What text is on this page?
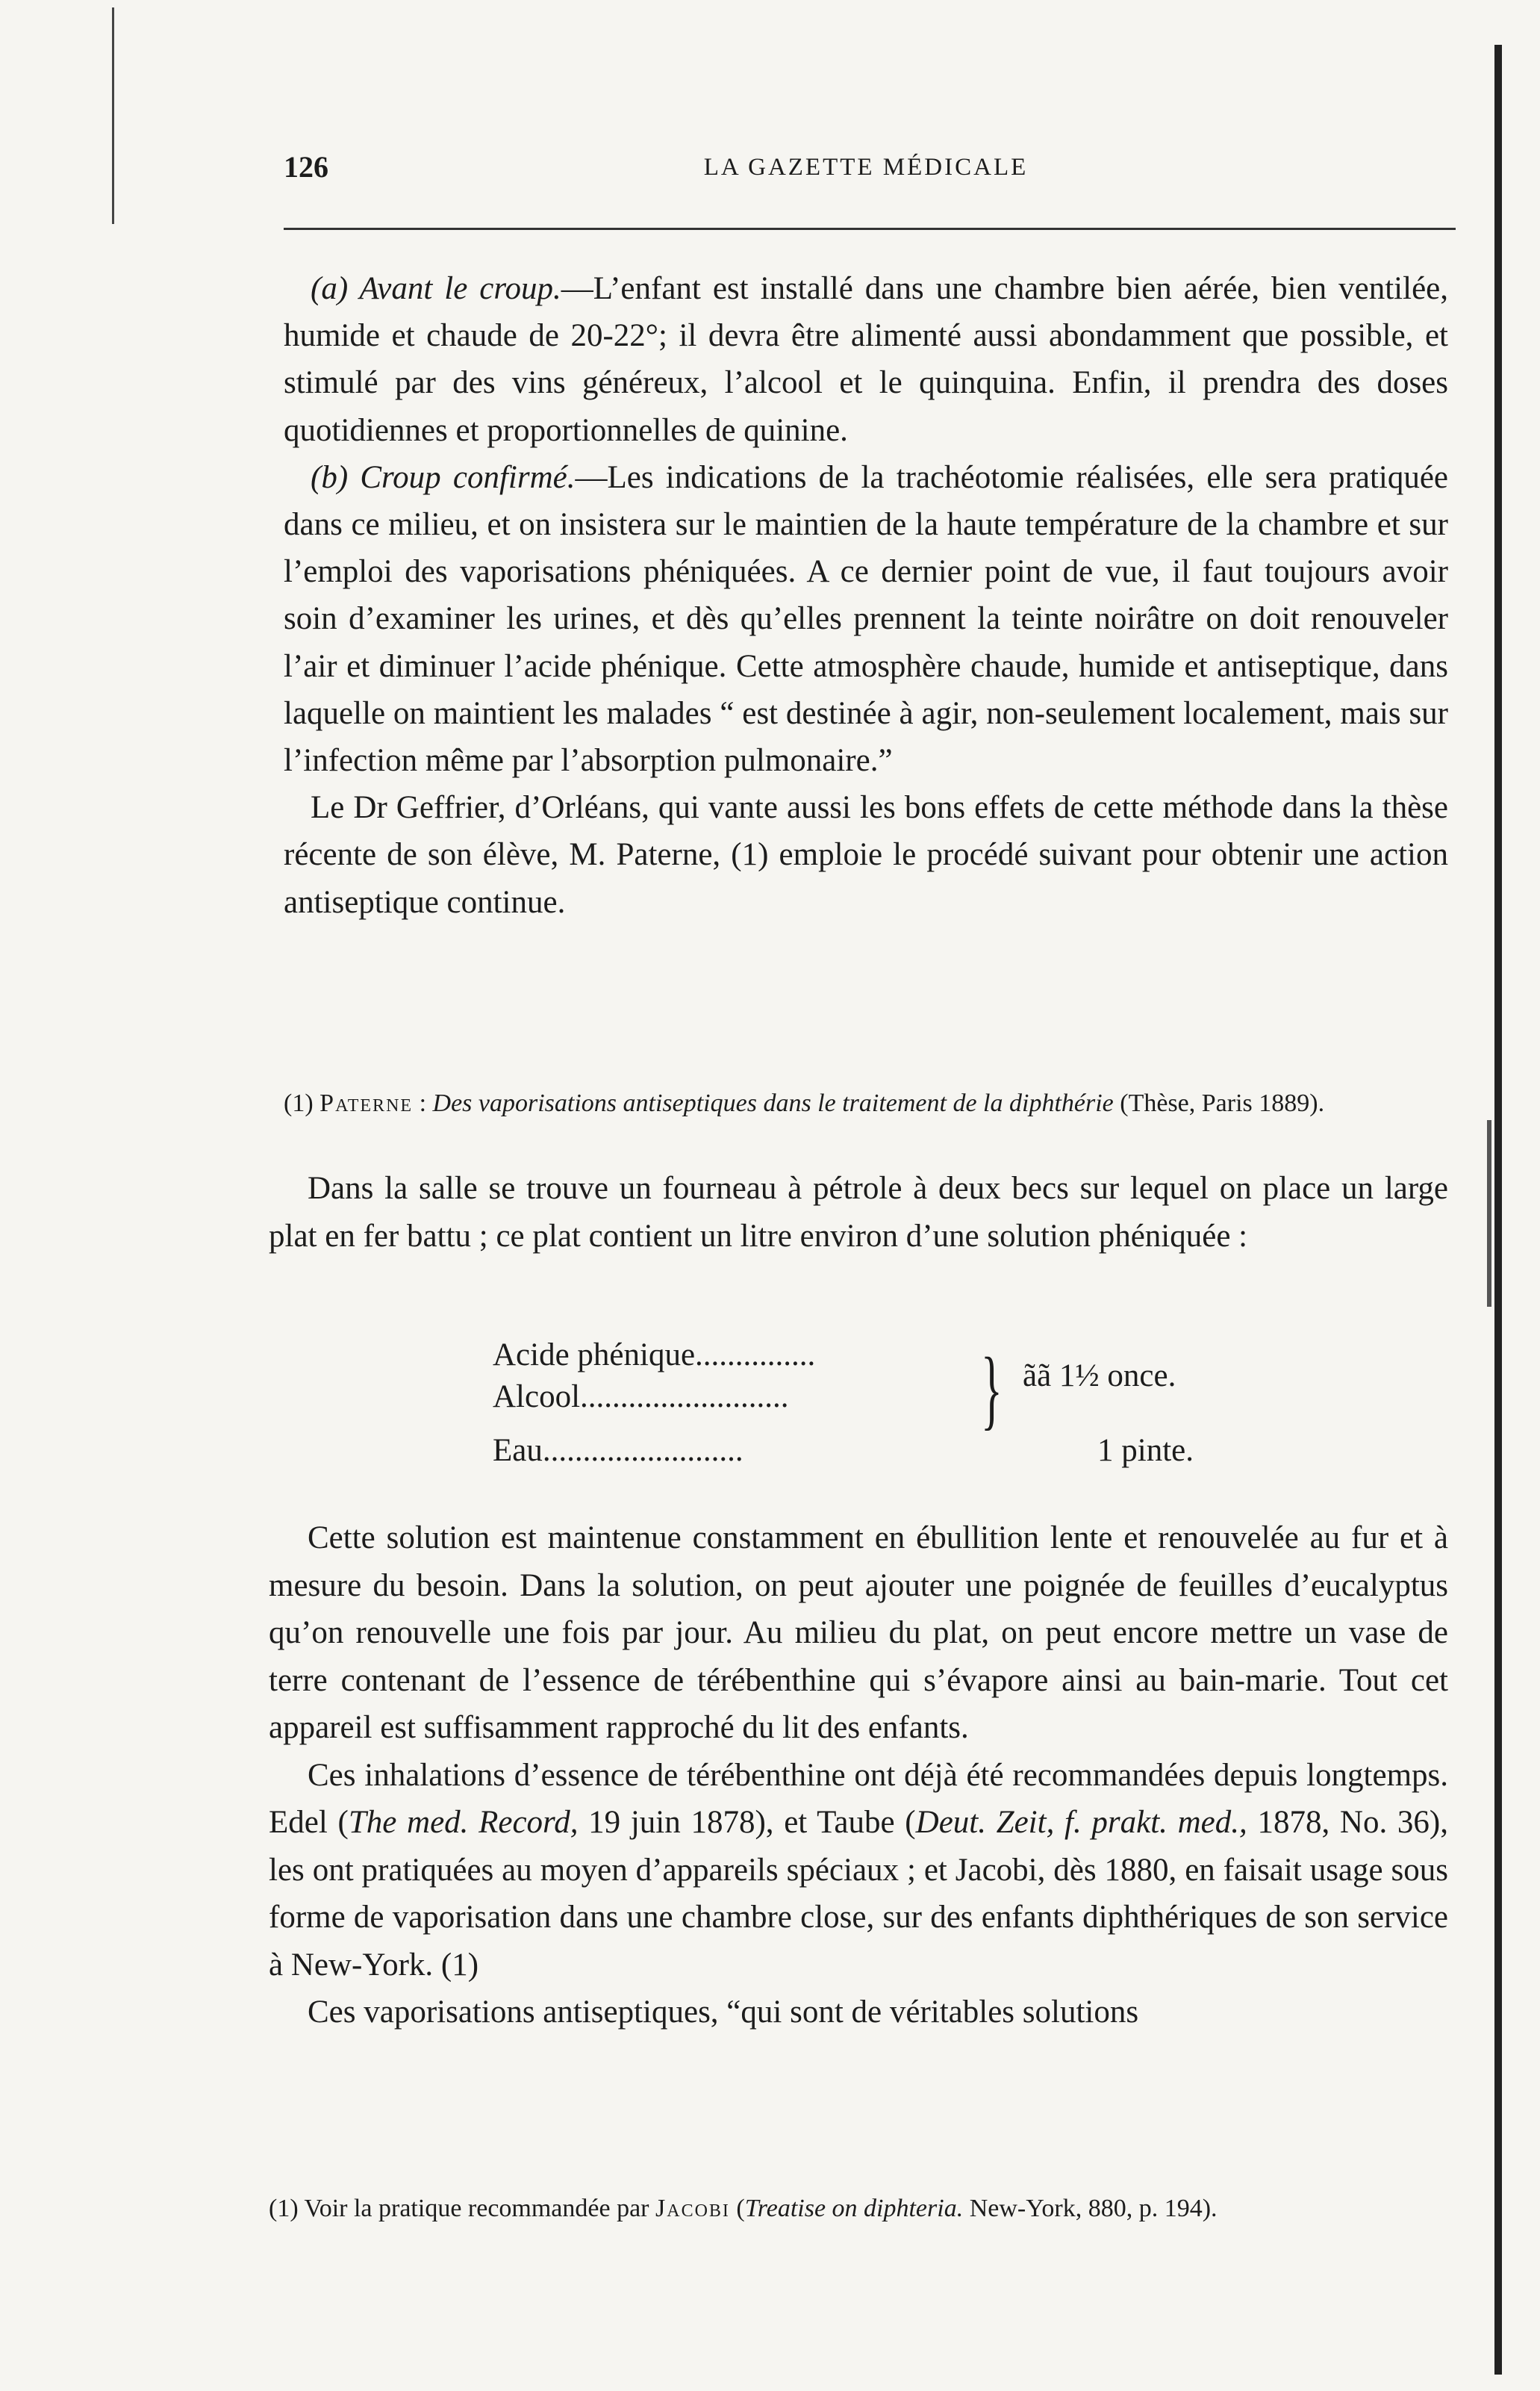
126	LA GAZETTE MÉDICALE

(a) Avant le croup.—L’enfant est installé dans une chambre bien aérée, bien ventilée, humide et chaude de 20-22°; il devra être alimenté aussi abondamment que possible, et stimulé par des vins généreux, l’alcool et le quinquina. Enfin, il prendra des doses quotidiennes et proportionnelles de quinine.

(b) Croup confirmé.—Les indications de la trachéotomie réalisées, elle sera pratiquée dans ce milieu, et on insistera sur le maintien de la haute température de la chambre et sur l’emploi des vaporisations phéniquées. A ce dernier point de vue, il faut toujours avoir soin d’examiner les urines, et dès qu’elles prennent la teinte noirâtre on doit renouveler l’air et diminuer l’acide phénique. Cette atmosphère chaude, humide et antiseptique, dans laquelle on maintient les malades “ est destinée à agir, non-seulement localement, mais sur l’infection même par l’absorption pulmonaire.”

Le Dr Geffrier, d’Orléans, qui vante aussi les bons effets de cette méthode dans la thèse récente de son élève, M. Paterne, (1) emploie le procédé suivant pour obtenir une action antiseptique continue.

(1) Paterne : Des vaporisations antiseptiques dans le traitement de la diphthérie (Thèse, Paris 1889).

Dans la salle se trouve un fourneau à pétrole à deux becs sur lequel on place un large plat en fer battu ; ce plat contient un litre environ d’une solution phéniquée :

Acide phénique...............
Alcool..........................
Eau.........................
} ãã 1½ once.
1 pinte.

Cette solution est maintenue constamment en ébullition lente et renouvelée au fur et à mesure du besoin. Dans la solution, on peut ajouter une poignée de feuilles d’eucalyptus qu’on renouvelle une fois par jour. Au milieu du plat, on peut encore mettre un vase de terre contenant de l’essence de térébenthine qui s’évapore ainsi au bain-marie. Tout cet appareil est suffisamment rapproché du lit des enfants.

Ces inhalations d’essence de térébenthine ont déjà été recommandées depuis longtemps. Edel (The med. Record, 19 juin 1878), et Taube (Deut. Zeit, f. prakt. med., 1878, No. 36), les ont pratiquées au moyen d’appareils spéciaux ; et Jacobi, dès 1880, en faisait usage sous forme de vaporisation dans une chambre close, sur des enfants diphthériques de son service à New-York. (1)

Ces vaporisations antiseptiques, “qui sont de véritables solutions

(1) Voir la pratique recommandée par Jacobi (Treatise on diphteria. New-York, 880, p. 194).
